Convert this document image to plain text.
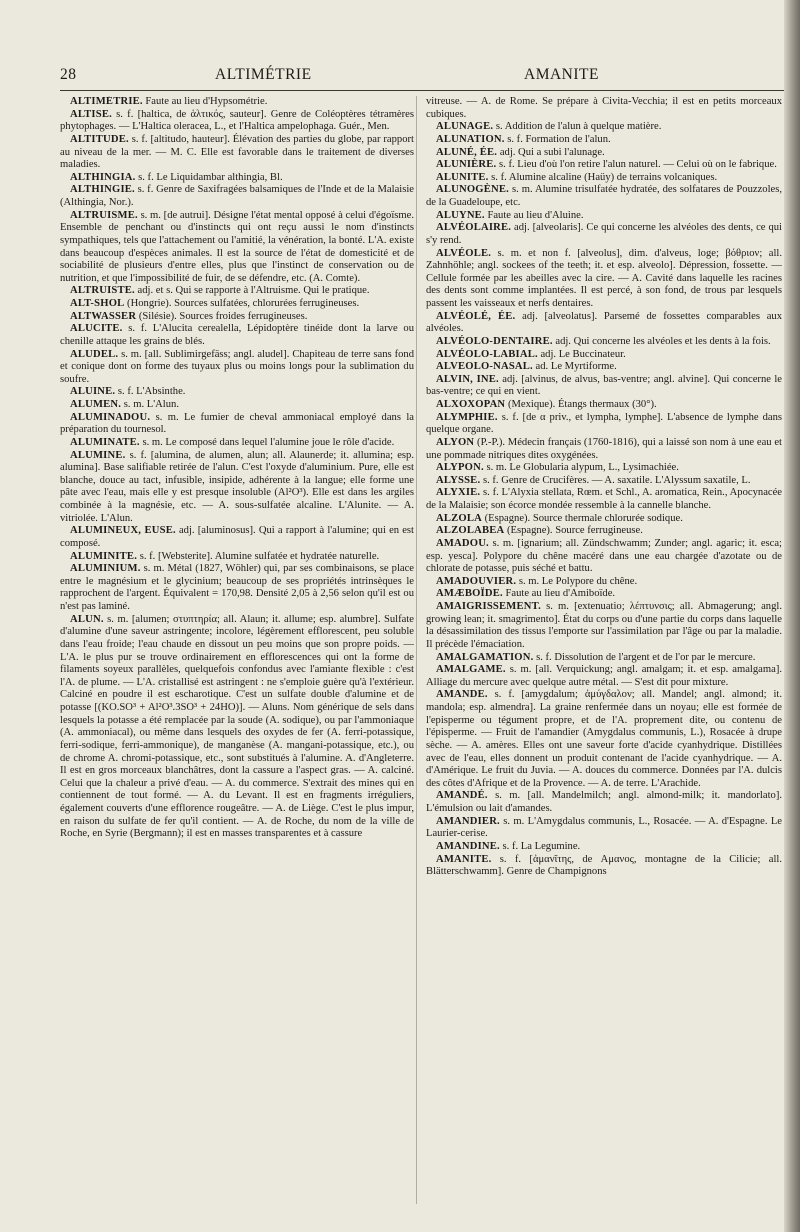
28	ALTIMÉTRIE	AMANITE

ALTIMÉTRIE. Faute au lieu d'Hypsométrie.

ALTISE. s. f. [haltica, de ἁλτικός, sauteur]. Genre de Coléoptères tétramères phytophages. — L'Haltica oleracea, L., et l'Haltica ampelophaga. Guér., Men.

ALTITUDE. s. f. [altitudo, hauteur]. Élévation des parties du globe, par rapport au niveau de la mer. — M. C. Elle est favorable dans le traitement de diverses maladies.

ALTHINGIA. s. f. Le Liquidambar althingia, Bl.

ALTHINGIE. s. f. Genre de Saxifragées balsamiques de l'Inde et de la Malaisie (Althingia, Nor.).

ALTRUISME. s. m. [de autrui]. Désigne l'état mental opposé à celui d'égoïsme. Ensemble de penchant ou d'instincts qui ont reçu aussi le nom d'instincts sympathiques, tels que l'attachement ou l'amitié, la vénération, la bonté. L'A. existe dans beaucoup d'espèces animales. Il est la source de l'état de domesticité et de sociabilité de plusieurs d'entre elles, plus que l'instinct de conservation ou de nutrition, et que l'impossibilité de fuir, de se défendre, etc. (A. Comte).

ALTRUISTE. adj. et s. Qui se rapporte à l'Altruisme. Qui le pratique.

ALT-SHOL (Hongrie). Sources sulfatées, chlorurées ferrugineuses.

ALTWASSER (Silésie). Sources froides ferrugineuses.

ALUCITE. s. f. L'Alucita cerealella, Lépidoptère tinéide dont la larve ou chenille attaque les grains de blés.

ALUDEL. s. m. [all. Sublimirgefäss; angl. aludel]. Chapiteau de terre sans fond et conique dont on forme des tuyaux plus ou moins longs pour la sublimation du soufre.

ALUINE. s. f. L'Absinthe.

ALUMEN. s. m. L'Alun.

ALUMINADOU. s. m. Le fumier de cheval ammoniacal employé dans la préparation du tournesol.

ALUMINATE. s. m. Le composé dans lequel l'alumine joue le rôle d'acide.

ALUMINE. s. f. [alumina, de alumen, alun; all. Alaunerde; it. allumina; esp. alumina]. Base salifiable retirée de l'alun. C'est l'oxyde d'aluminium. Pure, elle est blanche, douce au tact, infusible, insipide, adhérente à la langue; elle forme une pâte avec l'eau, mais elle y est presque insoluble (Al²O³). Elle est dans les argiles combinée à la magnésie, etc. — A. sous-sulfatée alcaline. L'Alunite. — A. vitriolée. L'Alun.

ALUMINEUX, EUSE. adj. [aluminosus]. Qui a rapport à l'alumine; qui en est composé.

ALUMINITE. s. f. [Websterite]. Alumine sulfatée et hydratée naturelle.

ALUMINIUM. s. m. Métal (1827, Wöhler) qui, par ses combinaisons, se place entre le magnésium et le glycinium; beaucoup de ses propriétés intrinsèques le rapprochent de l'argent. Équivalent = 170,98. Densité 2,05 à 2,56 selon qu'il est ou n'est pas laminé.

ALUN. s. m. [alumen; στυπτηρία; all. Alaun; it. allume; esp. alumbre]. Sulfate d'alumine d'une saveur astringente; incolore, légèrement efflorescent, peu soluble dans l'eau froide; l'eau chaude en dissout un peu moins que son propre poids. — L'A. le plus pur se trouve ordinairement en efflorescences qui ont la forme de filaments soyeux parallèles, quelquefois confondus avec l'amiante flexible : c'est l'A. de plume. — L'A. cristallisé est astringent : ne s'emploie guère qu'à l'extérieur. Calciné en poudre il est escharotique. C'est un sulfate double d'alumine et de potasse [(KO.SO³ + Al²O³.3SO³ + 24HO)]. — Aluns. Nom générique de sels dans lesquels la potasse a été remplacée par la soude (A. sodique), ou par l'ammoniaque (A. ammoniacal), ou même dans lesquels des oxydes de fer (A. ferri-potassique, ferri-sodique, ferri-ammonique), de manganèse (A. mangani-potassique, etc.), ou de chrome A. chromi-potassique, etc., sont substitués à l'alumine. A. d'Angleterre. Il est en gros morceaux blanchâtres, dont la cassure a l'aspect gras. — A. calciné. Celui que la chaleur a privé d'eau. — A. du commerce. S'extrait des mines qui en contiennent de tout formé. — A. du Levant. Il est en fragments irréguliers, également couverts d'une efflorence rougeâtre. — A. de Liège. C'est le plus impur, en raison du sulfate de fer qu'il contient. — A. de Roche, du nom de la ville de Roche, en Syrie (Bergmann); il est en masses transparentes et à cassure

vitreuse. — A. de Rome. Se prépare à Civita-Vecchia; il est en petits morceaux cubiques.

ALUNAGE. s. Addition de l'alun à quelque matière.

ALUNATION. s. f. Formation de l'alun.

ALUNÉ, ÉE. adj. Qui a subi l'alunage.

ALUNIÈRE. s. f. Lieu d'où l'on retire l'alun naturel. — Celui où on le fabrique.

ALUNITE. s. f. Alumine alcaline (Haüy) de terrains volcaniques.

ALUNOGÈNE. s. m. Alumine trisulfatée hydratée, des solfatares de Pouzzoles, de la Guadeloupe, etc.

ALUYNE. Faute au lieu d'Aluine.

ALVÉOLAIRE. adj. [alveolaris]. Ce qui concerne les alvéoles des dents, ce qui s'y rend.

ALVÉOLE. s. m. et non f. [alveolus], dim. d'alveus, loge; βόθριον; all. Zahnhöhle; angl. sockees of the teeth; it. et esp. alveolo]. Dépression, fossette. — Cellule formée par les abeilles avec la cire. — A. Cavité dans laquelle les racines des dents sont comme implantées. Il est percé, à son fond, de trous par lesquels passent les vaisseaux et nerfs dentaires.

ALVÉOLÉ, ÉE. adj. [alveolatus]. Parsemé de fossettes comparables aux alvéoles.

ALVÉOLO-DENTAIRE. adj. Qui concerne les alvéoles et les dents à la fois.

ALVÉOLO-LABIAL. adj. Le Buccinateur.

ALVEOLO-NASAL. ad. Le Myrtiforme.

ALVIN, INE. adj. [alvinus, de alvus, bas-ventre; angl. alvine]. Qui concerne le bas-ventre; ce qui en vient.

ALXOXOPAN (Mexique). Étangs thermaux (30°).

ALYMPHIE. s. f. [de α priv., et lympha, lymphe]. L'absence de lymphe dans quelque organe.

ALYON (P.-P.). Médecin français (1760-1816), qui a laissé son nom à une eau et une pommade nitriques dites oxygénées.

ALYPON. s. m. Le Globularia alypum, L., Lysimachiée.

ALYSSE. s. f. Genre de Crucifères. — A. saxatile. L'Alyssum saxatile, L.

ALYXIE. s. f. L'Alyxia stellata, Rœm. et Schl., A. aromatica, Rein., Apocynacée de la Malaisie; son écorce mondée ressemble à la cannelle blanche.

ALZOLA (Espagne). Source thermale chlorurée sodique.

ALZOLABEA (Espagne). Source ferrugineuse.

AMADOU. s. m. [ignarium; all. Zündschwamm; Zunder; angl. agaric; it. esca; esp. yesca]. Polypore du chêne macéré dans une eau chargée d'azotate ou de chlorate de potasse, puis séché et battu.

AMADOUVIER. s. m. Le Polypore du chêne.

AMÆBOÏDE. Faute au lieu d'Amiboïde.

AMAIGRISSEMENT. s. m. [extenuatio; λέπτυνσις; all. Abmagerung; angl. growing lean; it. smagrimento]. État du corps ou d'une partie du corps dans laquelle la désassimilation des tissus l'emporte sur l'assimilation par l'âge ou par la maladie. Il précède l'émaciation.

AMALGAMATION. s. f. Dissolution de l'argent et de l'or par le mercure.

AMALGAME. s. m. [all. Verquickung; angl. amalgam; it. et esp. amalgama]. Alliage du mercure avec quelque autre métal. — S'est dit pour mixture.

AMANDE. s. f. [amygdalum; ἀμύγδαλον; all. Mandel; angl. almond; it. mandola; esp. almendra]. La graine renfermée dans un noyau; elle est formée de l'episperme ou tégument propre, et de l'A. proprement dite, ou contenu de l'épisperme. — Fruit de l'amandier (Amygdalus communis, L.), Rosacée à drupe sèche. — A. amères. Elles ont une saveur forte d'acide cyanhydrique. Distillées avec de l'eau, elles donnent un produit contenant de l'acide cyanhydrique. — A. d'Amérique. Le fruit du Juvia. — A. douces du commerce. Données par l'A. dulcis des côtes d'Afrique et de la Provence. — A. de terre. L'Arachide.

AMANDÉ. s. m. [all. Mandelmilch; angl. almond-milk; it. mandorlato]. L'émulsion ou lait d'amandes.

AMANDIER. s. m. L'Amygdalus communis, L., Rosacée. — A. d'Espagne. Le Laurier-cerise.

AMANDINE. s. f. La Legumine.

AMANITE. s. f. [ἀμανῖτης, de Αμανος, montagne de la Cilicie; all. Blätterschwamm]. Genre de Champignons
